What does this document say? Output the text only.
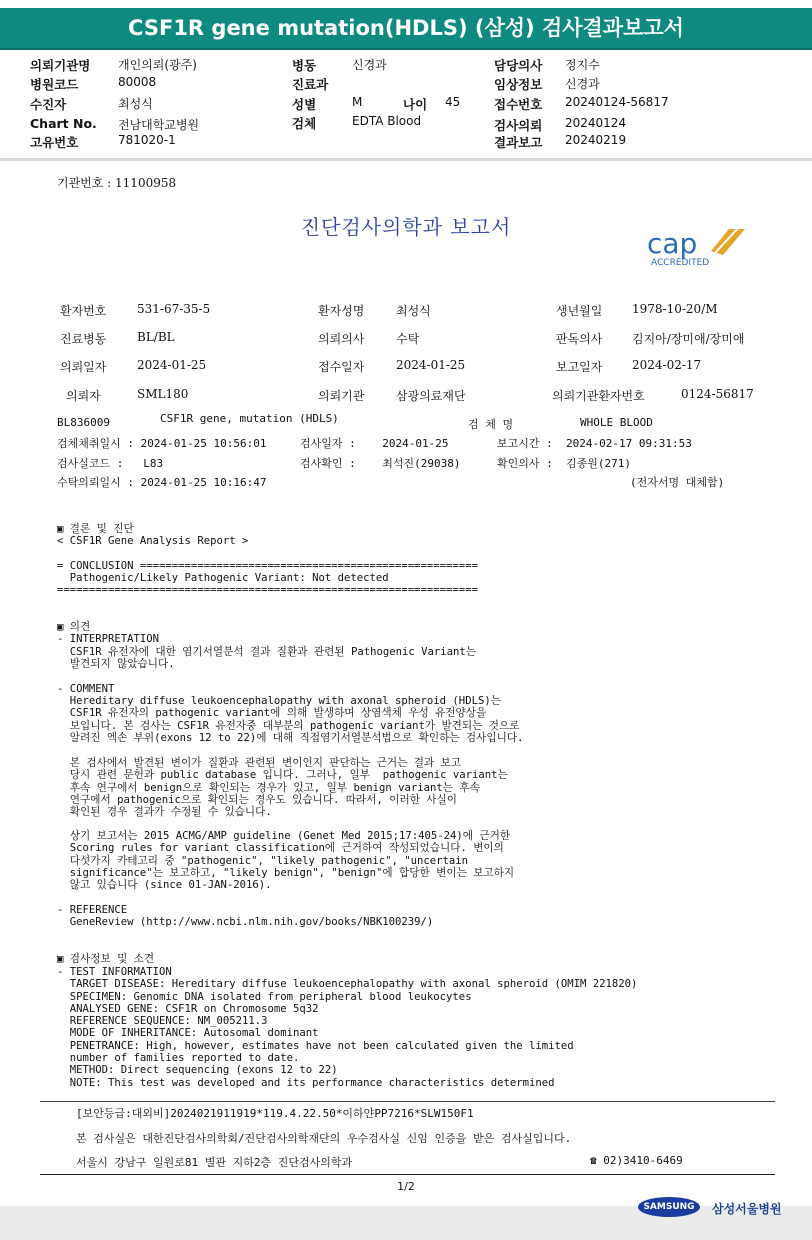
CSF1R gene mutation(HDLS) (삼성) 검사결과보고서
의뢰기관명 개인의뢰(광주)
병원코드	80008
수진자	최성식
Chart No. 전남대학교병원
고유번호	781020-1
병동	신경과
진료과
성별	M	나이 45
검체	EDTA Blood
담당의사 정지수
임상정보 신경과
접수번호 20240124-56817
검사의뢰 20240124
결과보고 20240219
기관번호 : 11100958
진단검사의학과 보고서	cap
ACCREDITED
환자번호	531-67-35-5	환자성명	최성식	생년월일 1978-10-20/M
진료병동	BL/BL	의뢰의사	수탁	판독의사 김지아/장미애/장미애
의뢰일자	2024-01-25	접수일자	2024-01-25	보고일자 2024-02-17
의뢰자	SML180	의뢰기관	삼광의료재단	의뢰기관환자번호	0124-56817
BL836009	CSF1R gene, mutation (HDLS)	검 체 명	WHOLE BLOOD
검체채취일시 : 2024-01-25 10:56:01	검사일자 :    2024-01-25	보고시간 :  2024-02-17 09:31:53
검사실코드 :   L83	검사확인 :    최석진(29038)	확인의사 :  김종원(271)
수탁의뢰일시 : 2024-01-25 10:16:47	(전자서명 대체함)
▣ 결론 및 진단
< CSF1R Gene Analysis Report >
= CONCLUSION =====================================================
Pathogenic/Likely Pathogenic Variant: Not detected
==================================================================
▣ 의견
- INTERPRETATION
CSF1R 유전자에 대한 염기서열분석 결과 질환과 관련된 Pathogenic Variant는
발견되지 않았습니다.
- COMMENT
Hereditary diffuse leukoencephalopathy with axonal spheroid (HDLS)는
CSF1R 유전자의 pathogenic variant에 의해 발생하며 상염색체 우성 유전양상을
보입니다. 본 검사는 CSF1R 유전자중 대부분의 pathogenic variant가 발견되는 것으로
알려진 엑손 부위(exons 12 to 22)에 대해 직접염기서열분석법으로 확인하는 검사입니다.
본 검사에서 발견된 변이가 질환과 관련된 변이인지 판단하는 근거는 결과 보고
당시 관련 문헌과 public database 입니다. 그러나, 일부  pathogenic variant는
후속 연구에서 benign으로 확인되는 경우가 있고, 일부 benign variant는 후속
연구에서 pathogenic으로 확인되는 경우도 있습니다. 따라서, 이러한 사실이
확인된 경우 결과가 수정될 수 있습니다.
상기 보고서는 2015 ACMG/AMP guideline (Genet Med 2015;17:405-24)에 근거한
Scoring rules for variant classification에 근거하여 작성되었습니다. 변이의
다섯가지 카테고리 중 "pathogenic", "likely pathogenic", "uncertain
significance"는 보고하고, "likely benign", "benign"에 합당한 변이는 보고하지
않고 있습니다 (since 01-JAN-2016).
- REFERENCE
GeneReview (http://www.ncbi.nlm.nih.gov/books/NBK100239/)
▣ 검사정보 및 소견
- TEST INFORMATION
TARGET DISEASE: Hereditary diffuse leukoencephalopathy with axonal spheroid (OMIM 221820)
SPECIMEN: Genomic DNA isolated from peripheral blood leukocytes
ANALYSED GENE: CSF1R on Chromosome 5q32
REFERENCE SEQUENCE: NM_005211.3
MODE OF INHERITANCE: Autosomal dominant
PENETRANCE: High, however, estimates have not been calculated given the limited
number of families reported to date.
METHOD: Direct sequencing (exons 12 to 22)
NOTE: This test was developed and its performance characteristics determined
[보안등급:대외비]2024021911919*119.4.22.50*이하얀PP7216*SLW150F1
본 검사실은 대한진단검사의학회/진단검사의학재단의 우수검사실 신임 인증을 받은 검사실입니다.
서울시 강남구 일원로81 별관 지하2층 진단검사의학과	☎ 02)3410-6469
1/2
SAMSUNG	삼성서울병원
